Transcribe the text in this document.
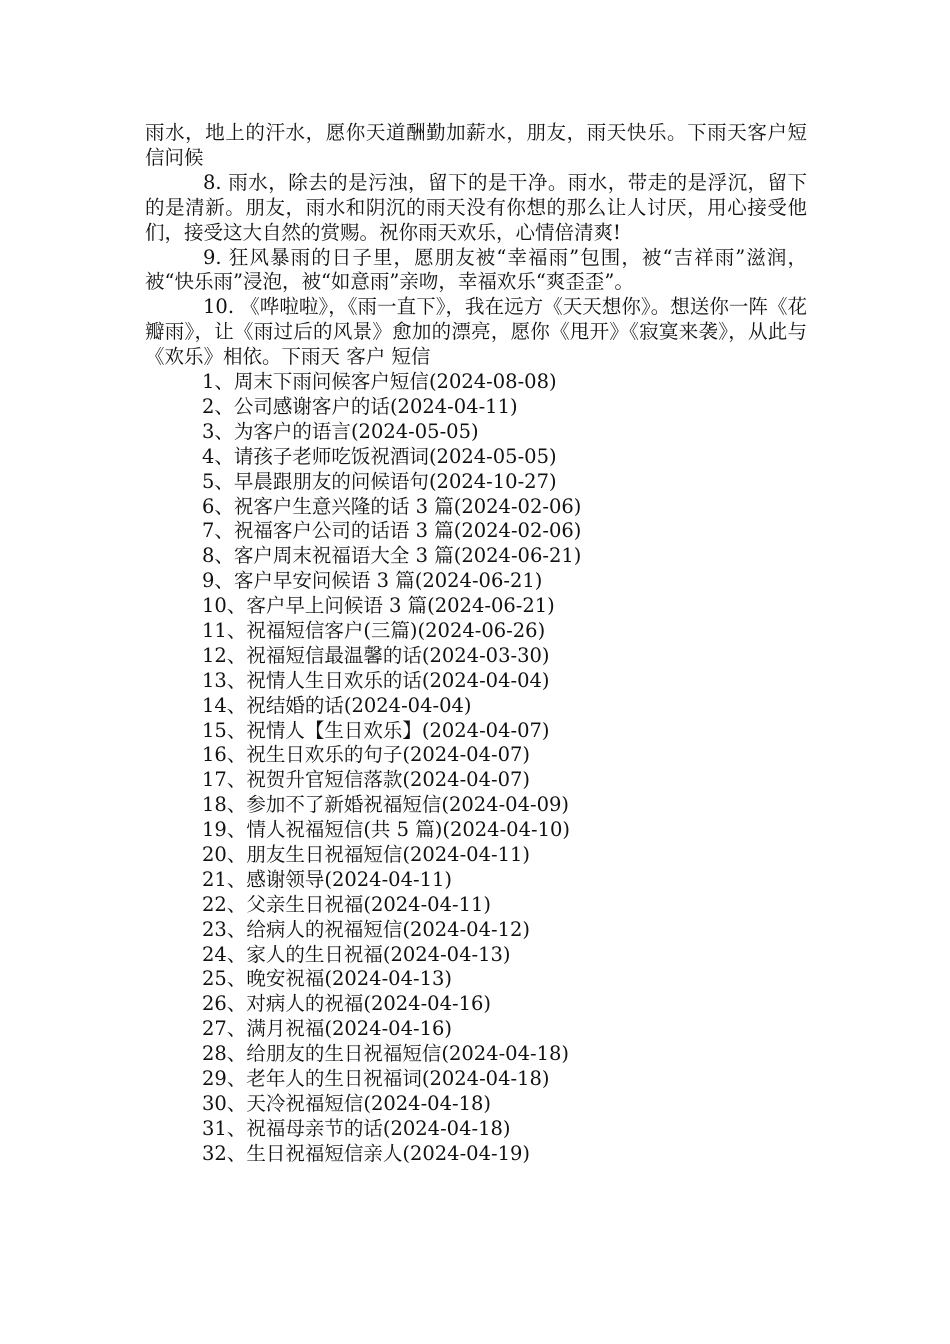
雨水，地上的汗水，愿你天道酬勤加薪水，朋友，雨天快乐。下雨天客户短信问候

8. 雨水，除去的是污浊，留下的是干净。雨水，带走的是浮沉，留下的是清新。朋友，雨水和阴沉的雨天没有你想的那么让人讨厌，用心接受他们，接受这大自然的赏赐。祝你雨天欢乐，心情倍清爽!

9. 狂风暴雨的日子里，愿朋友被“幸福雨”包围，被“吉祥雨”滋润，被“快乐雨”浸泡，被“如意雨”亲吻，幸福欢乐“爽歪歪”。

10. 《哗啦啦》，《雨一直下》，我在远方《天天想你》。想送你一阵《花瓣雨》，让《雨过后的风景》愈加的漂亮，愿你《甩开》《寂寞来袭》，从此与《欢乐》相依。下雨天 客户 短信

1、周末下雨问候客户短信(2024-08-08)
2、公司感谢客户的话(2024-04-11)
3、为客户的语言(2024-05-05)
4、请孩子老师吃饭祝酒词(2024-05-05)
5、早晨跟朋友的问候语句(2024-10-27)
6、祝客户生意兴隆的话 3 篇(2024-02-06)
7、祝福客户公司的话语 3 篇(2024-02-06)
8、客户周末祝福语大全 3 篇(2024-06-21)
9、客户早安问候语 3 篇(2024-06-21)
10、客户早上问候语 3 篇(2024-06-21)
11、祝福短信客户(三篇)(2024-06-26)
12、祝福短信最温馨的话(2024-03-30)
13、祝情人生日欢乐的话(2024-04-04)
14、祝结婚的话(2024-04-04)
15、祝情人【生日欢乐】(2024-04-07)
16、祝生日欢乐的句子(2024-04-07)
17、祝贺升官短信落款(2024-04-07)
18、参加不了新婚祝福短信(2024-04-09)
19、情人祝福短信(共 5 篇)(2024-04-10)
20、朋友生日祝福短信(2024-04-11)
21、感谢领导(2024-04-11)
22、父亲生日祝福(2024-04-11)
23、给病人的祝福短信(2024-04-12)
24、家人的生日祝福(2024-04-13)
25、晚安祝福(2024-04-13)
26、对病人的祝福(2024-04-16)
27、满月祝福(2024-04-16)
28、给朋友的生日祝福短信(2024-04-18)
29、老年人的生日祝福词(2024-04-18)
30、天冷祝福短信(2024-04-18)
31、祝福母亲节的话(2024-04-18)
32、生日祝福短信亲人(2024-04-19)
